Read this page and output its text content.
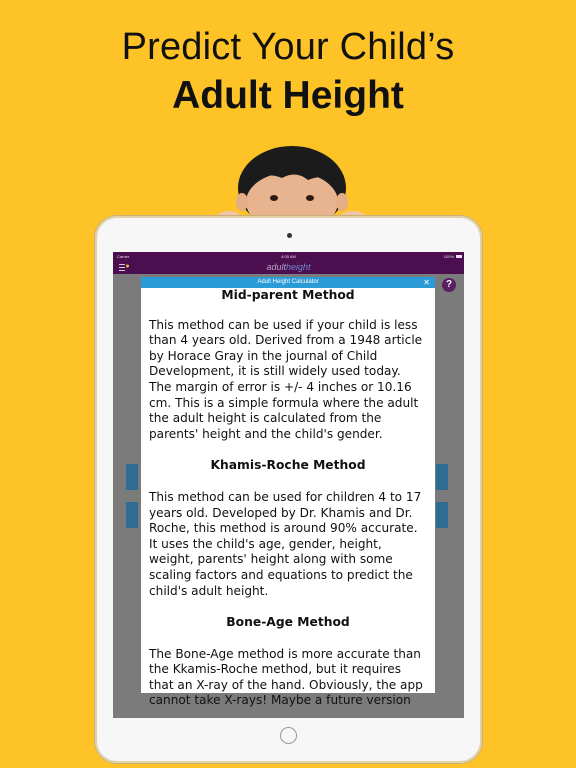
Predict Your Child’s
Adult Height
Carrier	4:05 AM	100%
adultheight
?
Adult Height Calculator	✕
Mid-parent Method

This method can be used if your child is less than 4 years old. Derived from a 1948 article by Horace Gray in the journal of Child Development, it is still widely used today. The margin of error is +/- 4 inches or 10.16 cm. This is a simple formula where the adult the adult height is calculated from the parents' height and the child's gender.

Khamis-Roche Method

This method can be used for children 4 to 17 years old. Developed by Dr. Khamis and Dr. Roche, this method is around 90% accurate. It uses the child's age, gender, height, weight, parents' height along with some scaling factors and equations to predict the child's adult height.

Bone-Age Method

The Bone-Age method is more accurate than the Kkamis-Roche method, but it requires that an X-ray of the hand. Obviously, the app cannot take X-rays! Maybe a future version
